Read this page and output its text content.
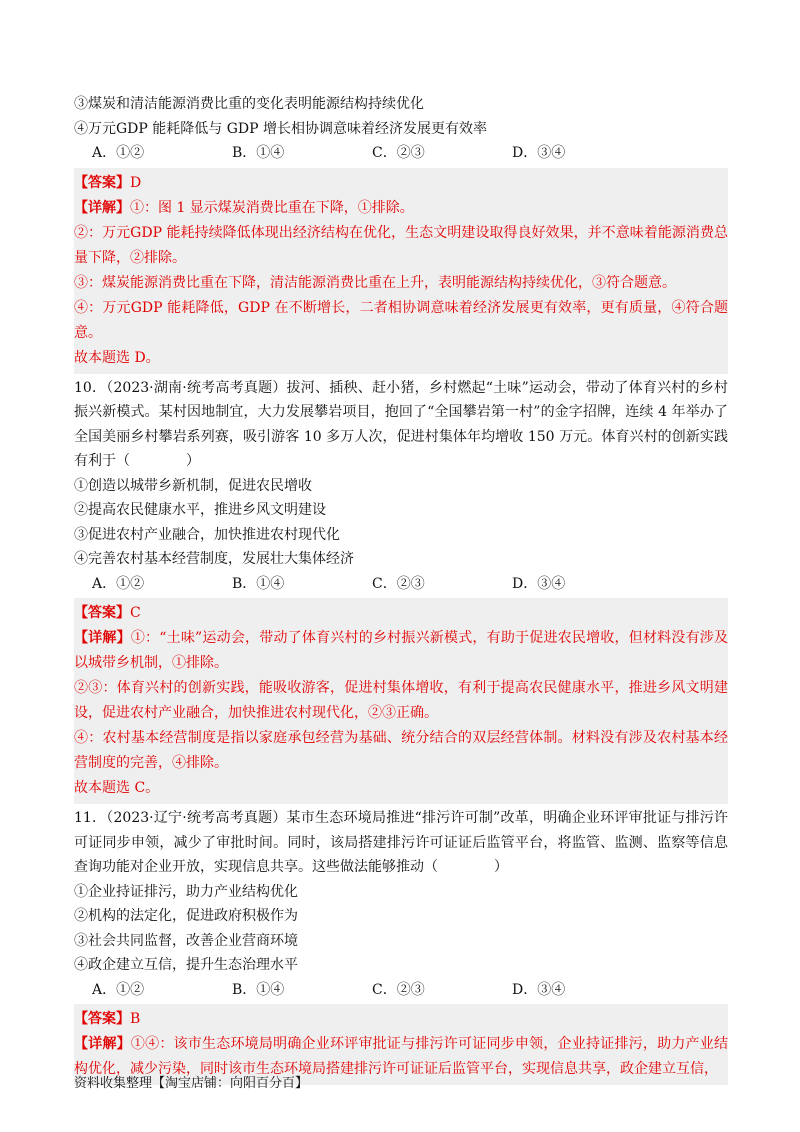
③煤炭和清洁能源消费比重的变化表明能源结构持续优化
④万元GDP 能耗降低与 GDP 增长相协调意味着经济发展更有效率
A．①②	B．①④	C．②③	D．③④

【答案】D

【详解】①：图 1 显示煤炭消费比重在下降，①排除。

②：万元GDP 能耗持续降低体现出经济结构在优化，生态文明建设取得良好效果，并不意味着能源消费总量下降，②排除。

③：煤炭能源消费比重在下降，清洁能源消费比重在上升，表明能源结构持续优化，③符合题意。

④：万元GDP 能耗降低，GDP 在不断增长，二者相协调意味着经济发展更有效率，更有质量，④符合题意。

故本题选 D。

10．（2023·湖南·统考高考真题）拔河、插秧、赶小猪，乡村燃起“土味”运动会，带动了体育兴村的乡村振兴新模式。某村因地制宜，大力发展攀岩项目，抱回了“全国攀岩第一村”的金字招牌，连续 4 年举办了全国美丽乡村攀岩系列赛，吸引游客 10 多万人次，促进村集体年均增收 150 万元。体育兴村的创新实践有利于（　　　　）
①创造以城带乡新机制，促进农民增收
②提高农民健康水平，推进乡风文明建设
③促进农村产业融合，加快推进农村现代化
④完善农村基本经营制度，发展壮大集体经济
A．①②	B．①④	C．②③	D．③④

【答案】C

【详解】①：“土味”运动会，带动了体育兴村的乡村振兴新模式，有助于促进农民增收，但材料没有涉及以城带乡机制，①排除。

②③：体育兴村的创新实践，能吸收游客，促进村集体增收，有利于提高农民健康水平，推进乡风文明建设，促进农村产业融合，加快推进农村现代化，②③正确。

④：农村基本经营制度是指以家庭承包经营为基础、统分结合的双层经营体制。材料没有涉及农村基本经营制度的完善，④排除。

故本题选 C。

11．（2023·辽宁·统考高考真题）某市生态环境局推进“排污许可制”改革，明确企业环评审批证与排污许可证同步申领，减少了审批时间。同时，该局搭建排污许可证证后监管平台，将监管、监测、监察等信息查询功能对企业开放，实现信息共享。这些做法能够推动（　　　　）
①企业持证排污，助力产业结构优化
②机构的法定化，促进政府积极作为
③社会共同监督，改善企业营商环境
④政企建立互信，提升生态治理水平
A．①②	B．①④	C．②③	D．③④

【答案】B

【详解】①④：该市生态环境局明确企业环评审批证与排污许可证同步申领，企业持证排污，助力产业结构优化，减少污染，同时该市生态环境局搭建排污许可证证后监管平台，实现信息共享，政企建立互信，

资料收集整理【淘宝店铺：向阳百分百】
